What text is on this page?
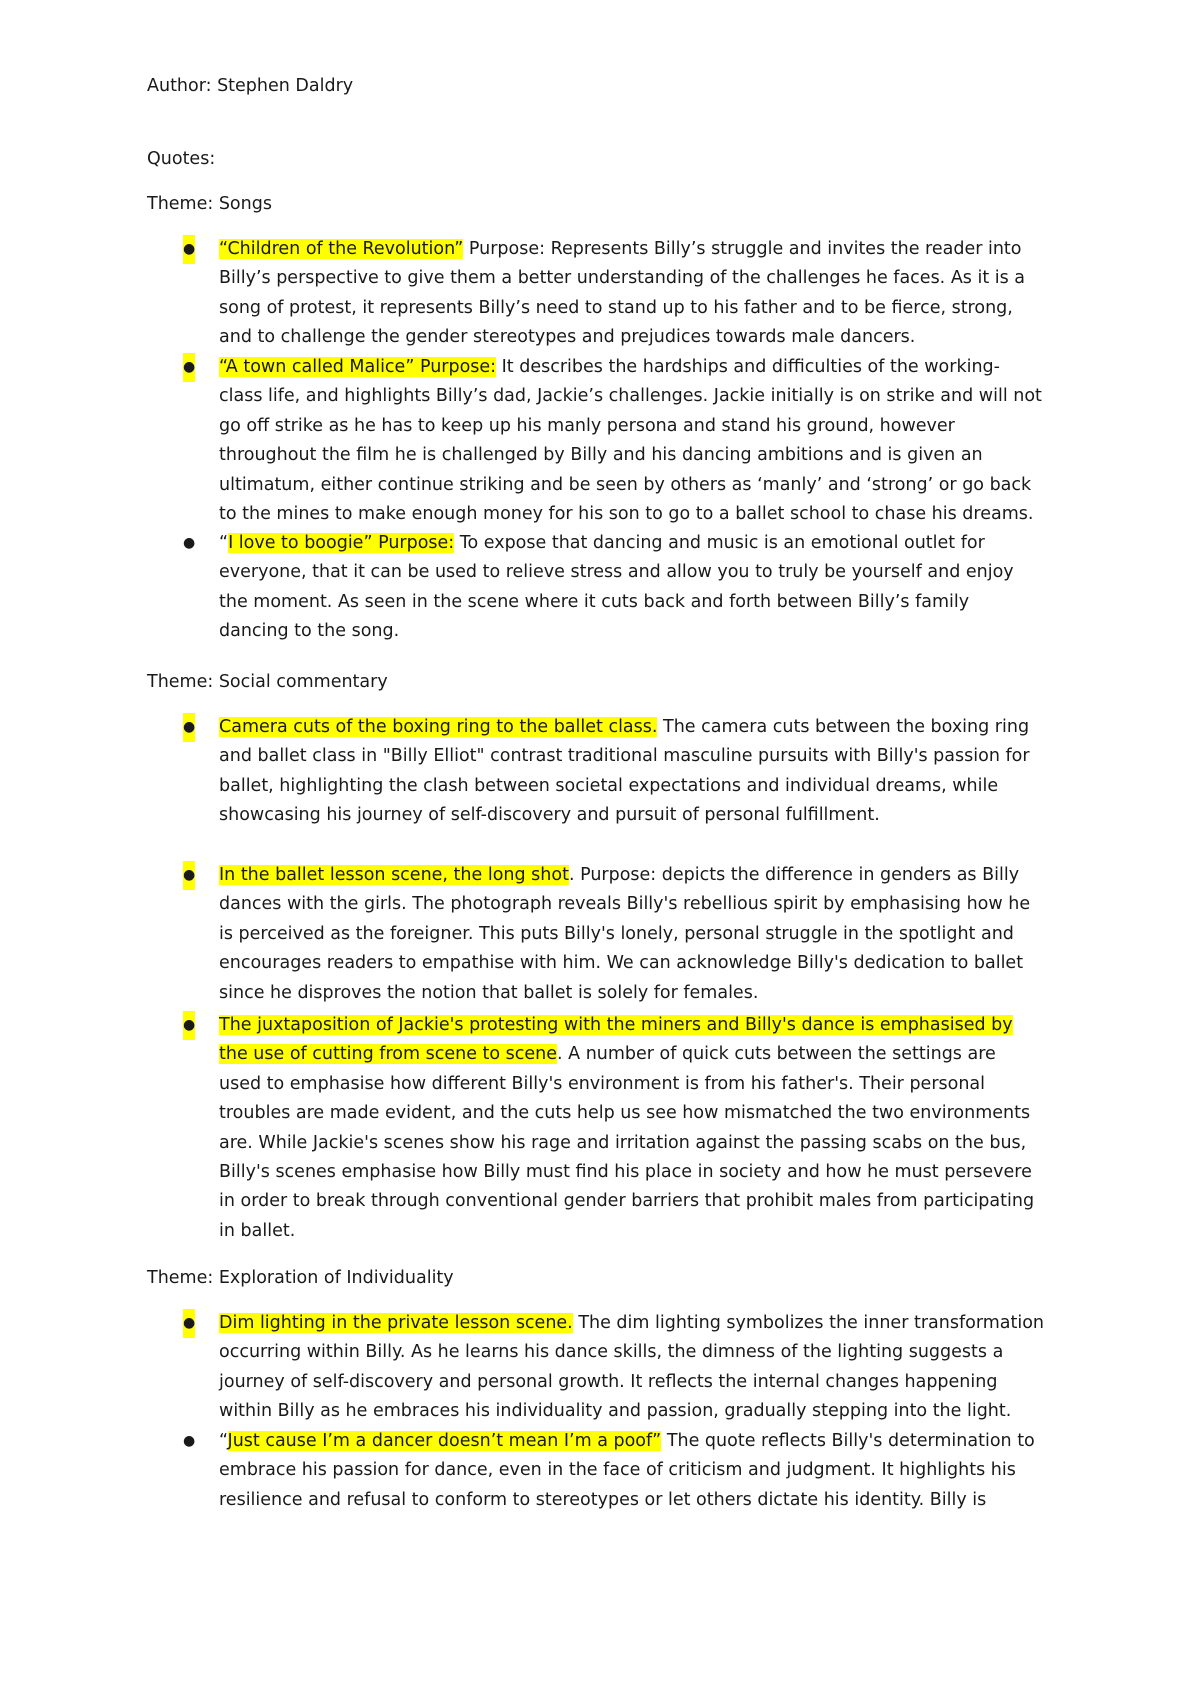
Author: Stephen Daldry
Quotes:
Theme: Songs
Theme: Social commentary
Theme: Exploration of Individuality
● “Children of the Revolution” Purpose: Represents Billy’s struggle and invites the reader into
Billy’s perspective to give them a better understanding of the challenges he faces. As it is a
song of protest, it represents Billy’s need to stand up to his father and to be fierce, strong,
and to challenge the gender stereotypes and prejudices towards male dancers.
● “A town called Malice” Purpose: It describes the hardships and difficulties of the working-
class life, and highlights Billy’s dad, Jackie’s challenges. Jackie initially is on strike and will not
go off strike as he has to keep up his manly persona and stand his ground, however
throughout the film he is challenged by Billy and his dancing ambitions and is given an
ultimatum, either continue striking and be seen by others as ‘manly’ and ‘strong’ or go back
to the mines to make enough money for his son to go to a ballet school to chase his dreams.
● “I love to boogie” Purpose: To expose that dancing and music is an emotional outlet for
everyone, that it can be used to relieve stress and allow you to truly be yourself and enjoy
the moment. As seen in the scene where it cuts back and forth between Billy’s family
dancing to the song.
● Camera cuts of the boxing ring to the ballet class. The camera cuts between the boxing ring
and ballet class in "Billy Elliot" contrast traditional masculine pursuits with Billy's passion for
ballet, highlighting the clash between societal expectations and individual dreams, while
showcasing his journey of self-discovery and pursuit of personal fulfillment.
● In the ballet lesson scene, the long shot. Purpose: depicts the difference in genders as Billy
dances with the girls. The photograph reveals Billy's rebellious spirit by emphasising how he
is perceived as the foreigner. This puts Billy's lonely, personal struggle in the spotlight and
encourages readers to empathise with him. We can acknowledge Billy's dedication to ballet
since he disproves the notion that ballet is solely for females.
● The juxtaposition of Jackie's protesting with the miners and Billy's dance is emphasised by
the use of cutting from scene to scene. A number of quick cuts between the settings are
used to emphasise how different Billy's environment is from his father's. Their personal
troubles are made evident, and the cuts help us see how mismatched the two environments
are. While Jackie's scenes show his rage and irritation against the passing scabs on the bus,
Billy's scenes emphasise how Billy must find his place in society and how he must persevere
in order to break through conventional gender barriers that prohibit males from participating
in ballet.
● Dim lighting in the private lesson scene. The dim lighting symbolizes the inner transformation
occurring within Billy. As he learns his dance skills, the dimness of the lighting suggests a
journey of self-discovery and personal growth. It reflects the internal changes happening
within Billy as he embraces his individuality and passion, gradually stepping into the light.
● “Just cause I’m a dancer doesn’t mean I’m a poof” The quote reflects Billy's determination to
embrace his passion for dance, even in the face of criticism and judgment. It highlights his
resilience and refusal to conform to stereotypes or let others dictate his identity. Billy is
